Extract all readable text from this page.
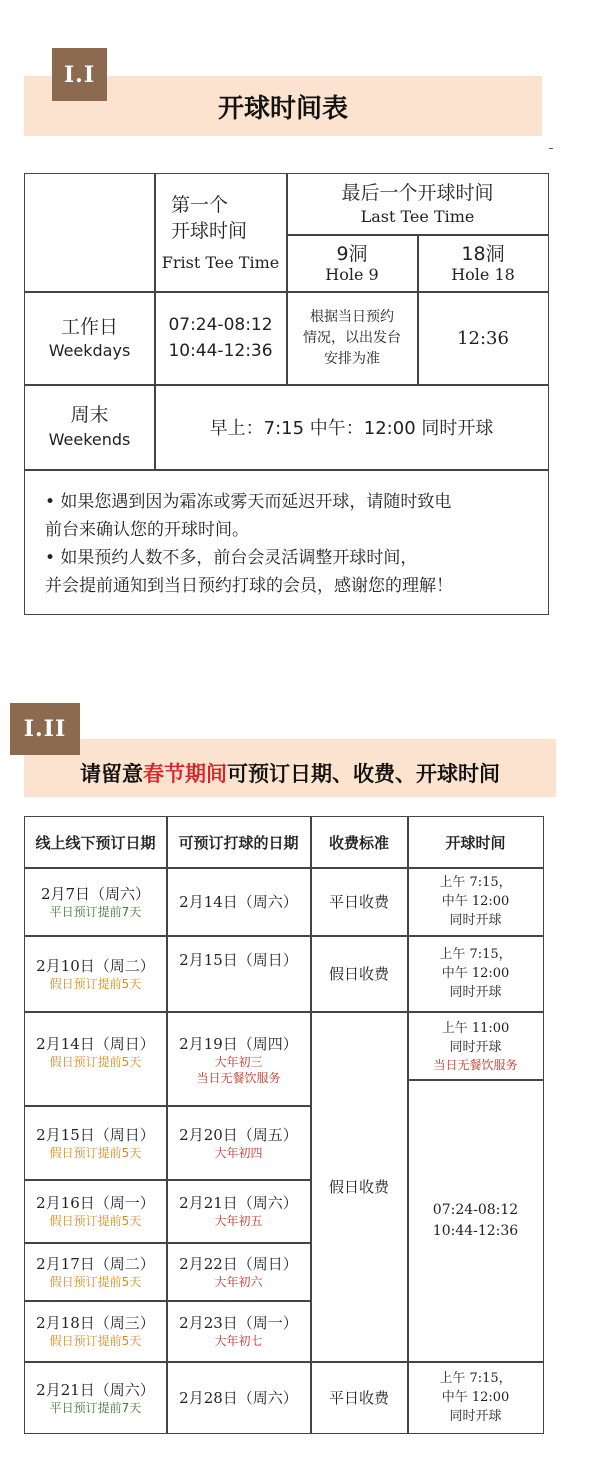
I.I
开球时间表
第一个
开球时间
Frist Tee Time
最后一个开球时间
Last Tee Time
9洞
Hole 9
18洞
Hole 18
工作日
Weekdays
07:24-08:12
10:44-12:36
根据当日预约
情况，以出发台
安排为准
12:36
周末
Weekends
早上：7:15 中午：12:00 同时开球
• 如果您遇到因为霜冻或雾天而延迟开球，请随时致电
前台来确认您的开球时间。
• 如果预约人数不多，前台会灵活调整开球时间，
并会提前通知到当日预约打球的会员，感谢您的理解！
I.II
请留意 春节 期间 可预订日期、收费、开球时间
线上线下预订日期 可预订打球的日期 收费标准	开球时间
2月7日（周六）
平日预订提前7天
2月14日（周六） 平日收费
上午 7:15，
中午 12:00
同时开球
2月10日（周二）
假日预订提前5天
2月15日（周日）
假日收费
上午 7:15，
中午 12:00
同时开球
2月14日（周日）
假日预订提前5天
2月19日（周四）
大年初三
当日无餐饮服务
上午 11:00
同时开球
当日无餐饮服务
假日收费
07:24-08:12
10:44-12:36
2月15日（周日）
假日预订提前5天
2月20日（周五）
大年初四
2月16日（周一）
假日预订提前5天
2月21日（周六）
大年初五
2月17日（周二）
假日预订提前5天
2月22日（周日）
大年初六
2月18日（周三）
假日预订提前5天
2月23日（周一）
大年初七
2月21日（周六）
平日预订提前7天
2月28日（周六） 平日收费
上午 7:15，
中午 12:00
同时开球
